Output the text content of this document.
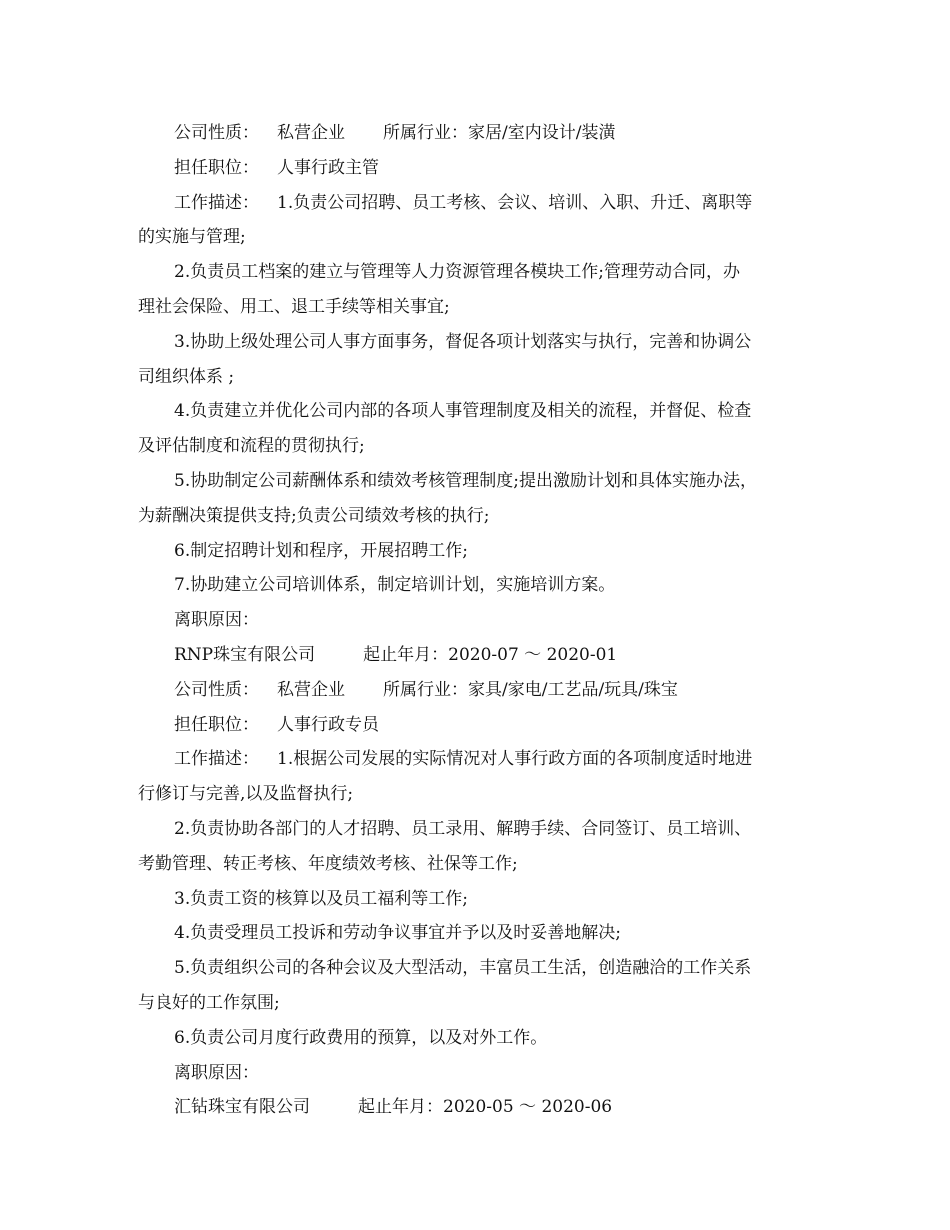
公司性质： 私营企业 所属行业：家居/室内设计/装潢
担任职位： 人事行政主管
工作描述： 1.负责公司招聘、员工考核、会议、培训、入职、升迁、离职等
的实施与管理;
2.负责员工档案的建立与管理等人力资源管理各模块工作;管理劳动合同，办
理社会保险、用工、退工手续等相关事宜;
3.协助上级处理公司人事方面事务，督促各项计划落实与执行，完善和协调公
司组织体系 ;
4.负责建立并优化公司内部的各项人事管理制度及相关的流程，并督促、检查
及评估制度和流程的贯彻执行;
5.协助制定公司薪酬体系和绩效考核管理制度;提出激励计划和具体实施办法，
为薪酬决策提供支持;负责公司绩效考核的执行;
6.制定招聘计划和程序，开展招聘工作;
7.协助建立公司培训体系，制定培训计划，实施培训方案。
离职原因：
RNP珠宝有限公司	起止年月：2020-07 ～ 2020-01
公司性质： 私营企业 所属行业：家具/家电/工艺品/玩具/珠宝
担任职位： 人事行政专员
工作描述： 1.根据公司发展的实际情况对人事行政方面的各项制度适时地进
行修订与完善,以及监督执行;
2.负责协助各部门的人才招聘、员工录用、解聘手续、合同签订、员工培训、
考勤管理、转正考核、年度绩效考核、社保等工作;
3.负责工资的核算以及员工福利等工作;
4.负责受理员工投诉和劳动争议事宜并予以及时妥善地解决;
5.负责组织公司的各种会议及大型活动，丰富员工生活，创造融洽的工作关系
与良好的工作氛围;
6.负责公司月度行政费用的预算，以及对外工作。
离职原因：
汇钻珠宝有限公司	起止年月：2020-05 ～ 2020-06
